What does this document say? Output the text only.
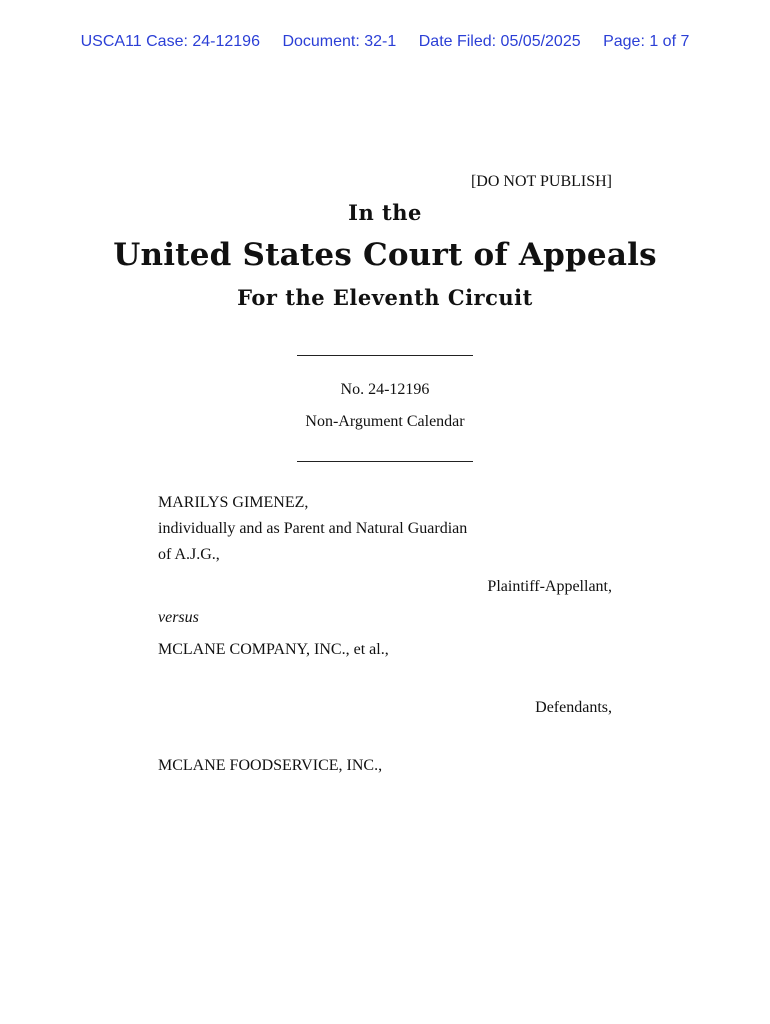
USCA11 Case: 24-12196 Document: 32-1 Date Filed: 05/05/2025 Page: 1 of 7
[DO NOT PUBLISH]
In the
United States Court of Appeals
For the Eleventh Circuit
No. 24-12196
Non-Argument Calendar
MARILYS GIMENEZ,
individually and as Parent and Natural Guardian
of A.J.G.,
Plaintiff-Appellant,
versus
MCLANE COMPANY, INC., et al.,
Defendants,
MCLANE FOODSERVICE, INC.,
